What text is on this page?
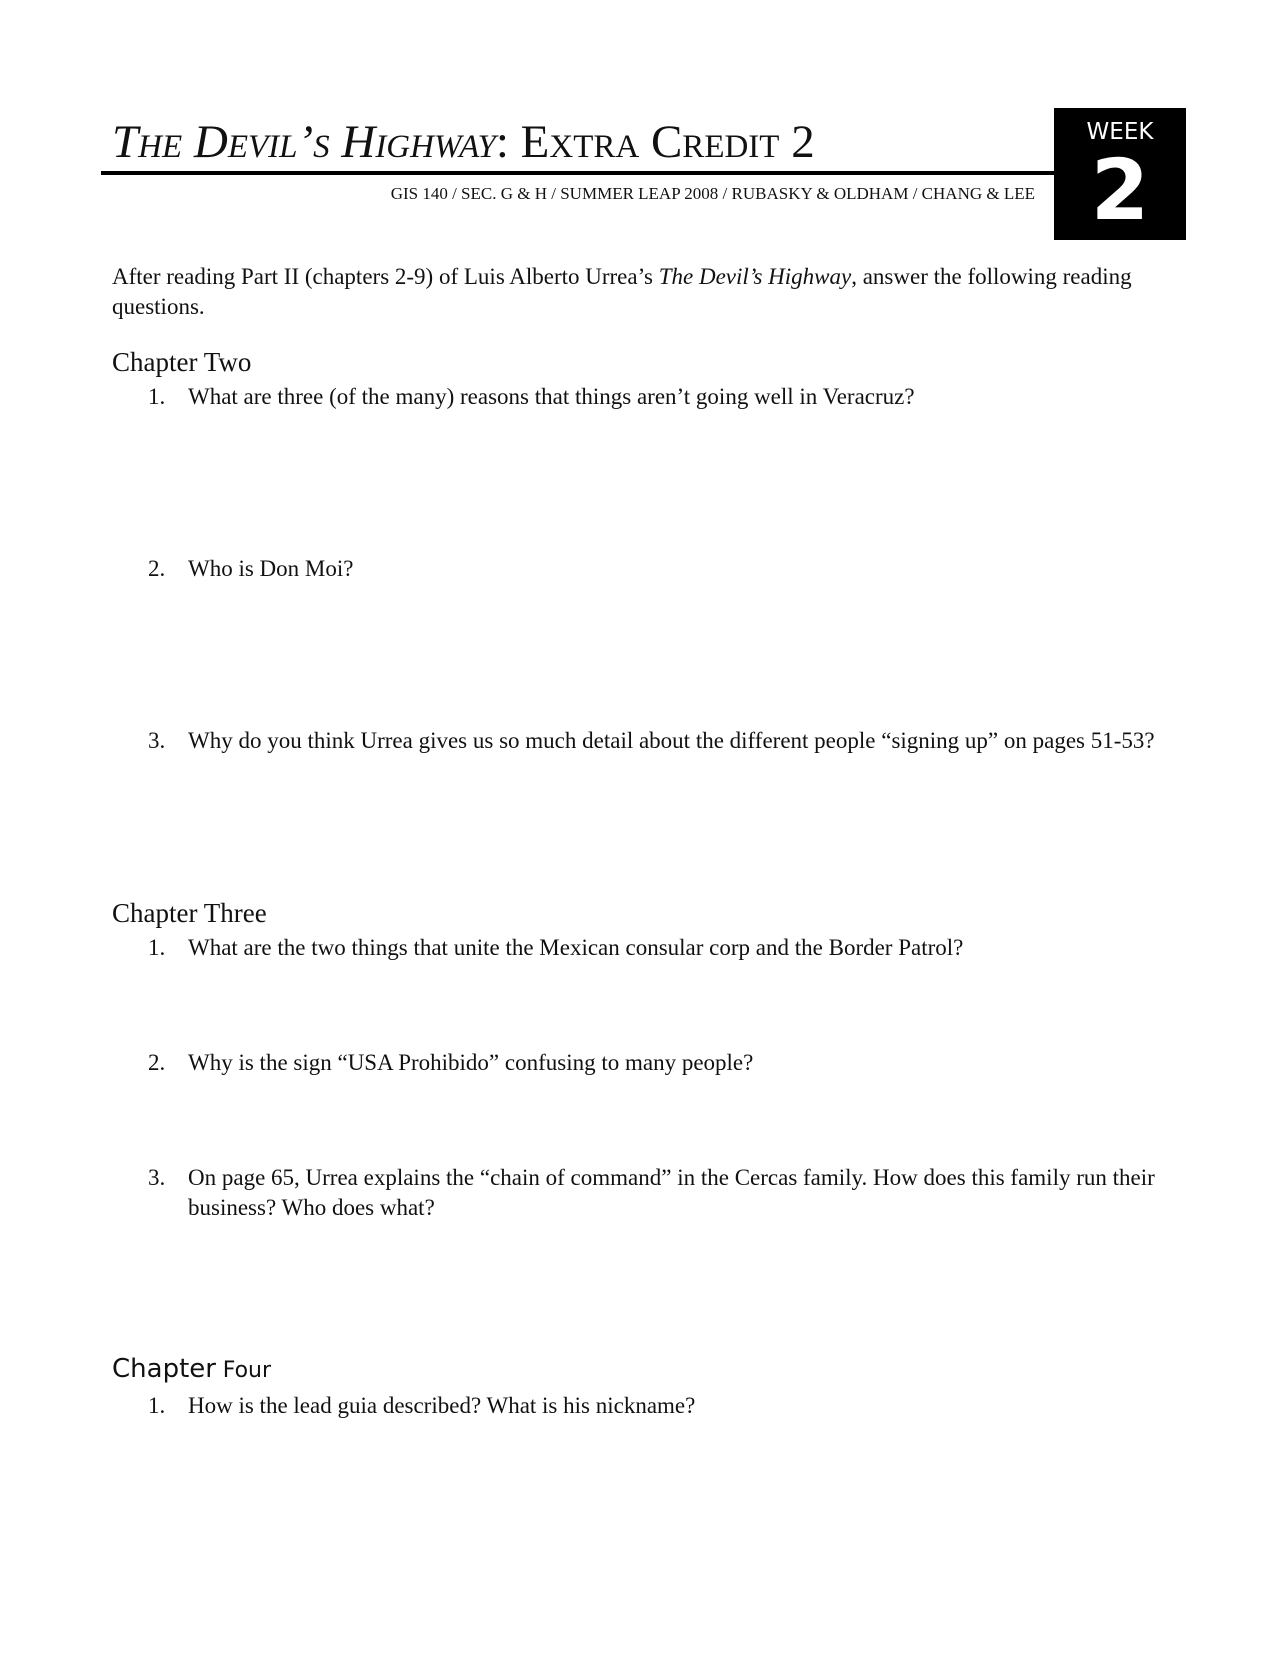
The Devil’s Highway: Extra Credit 2
GIS 140 / SEC. G & H / SUMMER LEAP 2008 / RUBASKY & OLDHAM / CHANG & LEE
WEEK
2
After reading Part II (chapters 2-9) of Luis Alberto Urrea’s The Devil’s Highway, answer the following reading questions.
Chapter Two
1. What are three (of the many) reasons that things aren’t going well in Veracruz?
2. Who is Don Moi?
3. Why do you think Urrea gives us so much detail about the different people “signing up” on pages 51-53?
Chapter Three
1. What are the two things that unite the Mexican consular corp and the Border Patrol?
2. Why is the sign “USA Prohibido” confusing to many people?
3. On page 65, Urrea explains the “chain of command” in the Cercas family. How does this family run their business? Who does what?
Chapter Four
1. How is the lead guia described? What is his nickname?
